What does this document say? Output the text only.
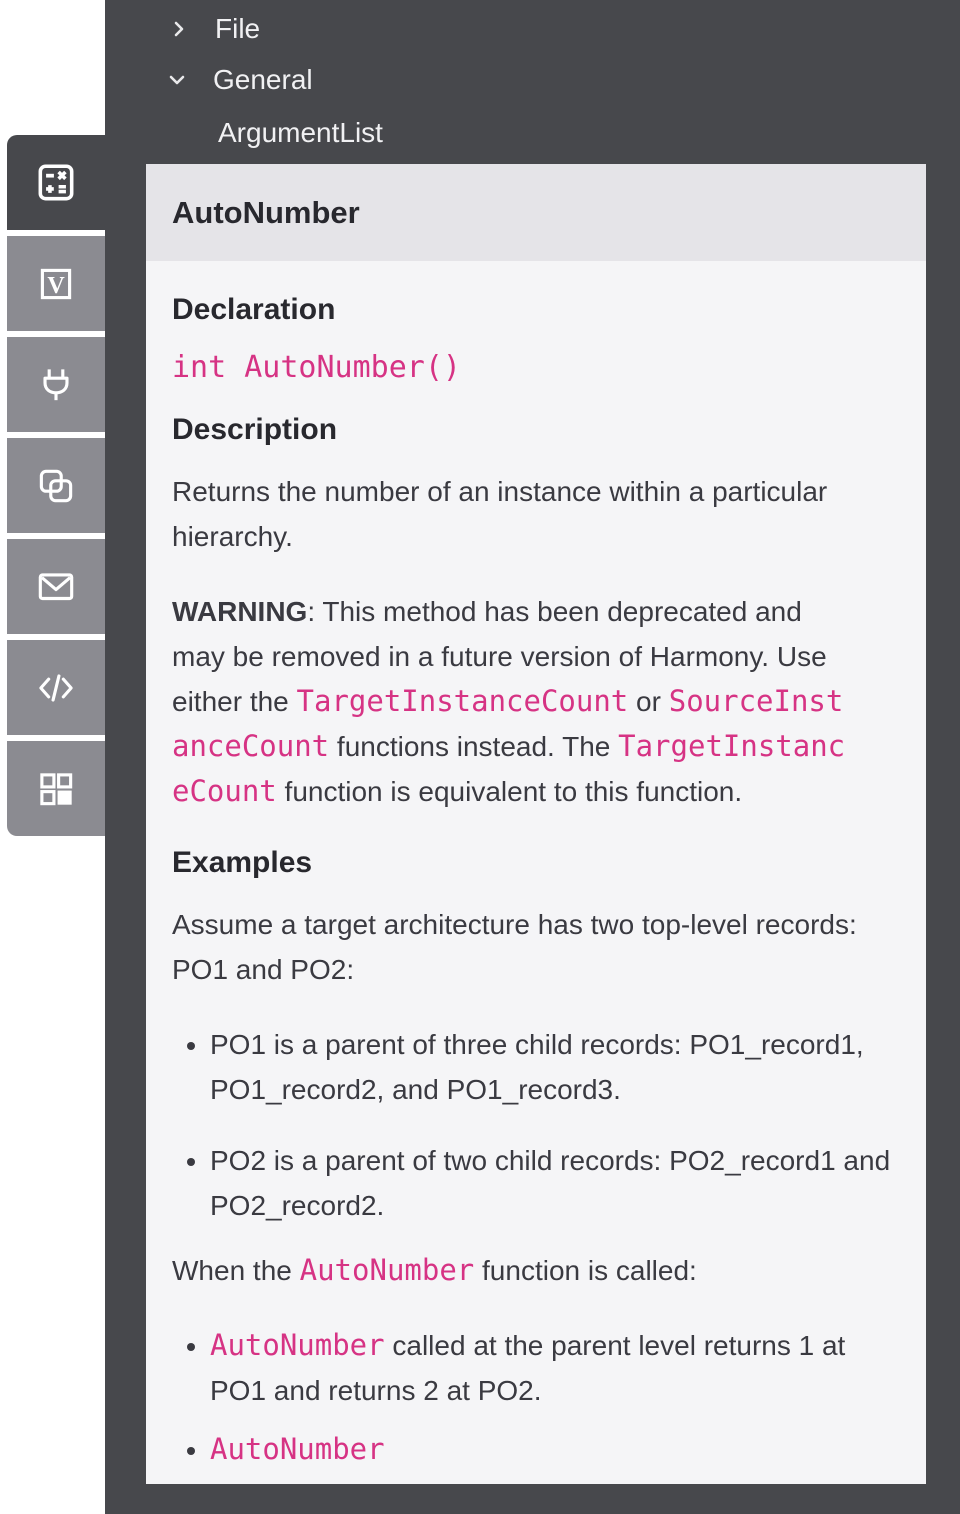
File
General
ArgumentList
V
AutoNumber
Declaration
int AutoNumber()
Description

Returns the number of an instance within a particular hierarchy.

WARNING: This method has been deprecated and
may be removed in a future version of Harmony. Use
either the TargetInstanceCount or SourceInst
anceCount functions instead. The TargetInstanc
eCount function is equivalent to this function.

Examples

Assume a target architecture has two top-level records: PO1 and PO2:

• PO1 is a parent of three child records: PO1_record1, PO1_record2, and PO1_record3.
• PO2 is a parent of two child records: PO2_record1 and PO2_record2.

When the AutoNumber function is called:

• AutoNumber called at the parent level returns 1 at PO1 and returns 2 at PO2.
• AutoNumber
